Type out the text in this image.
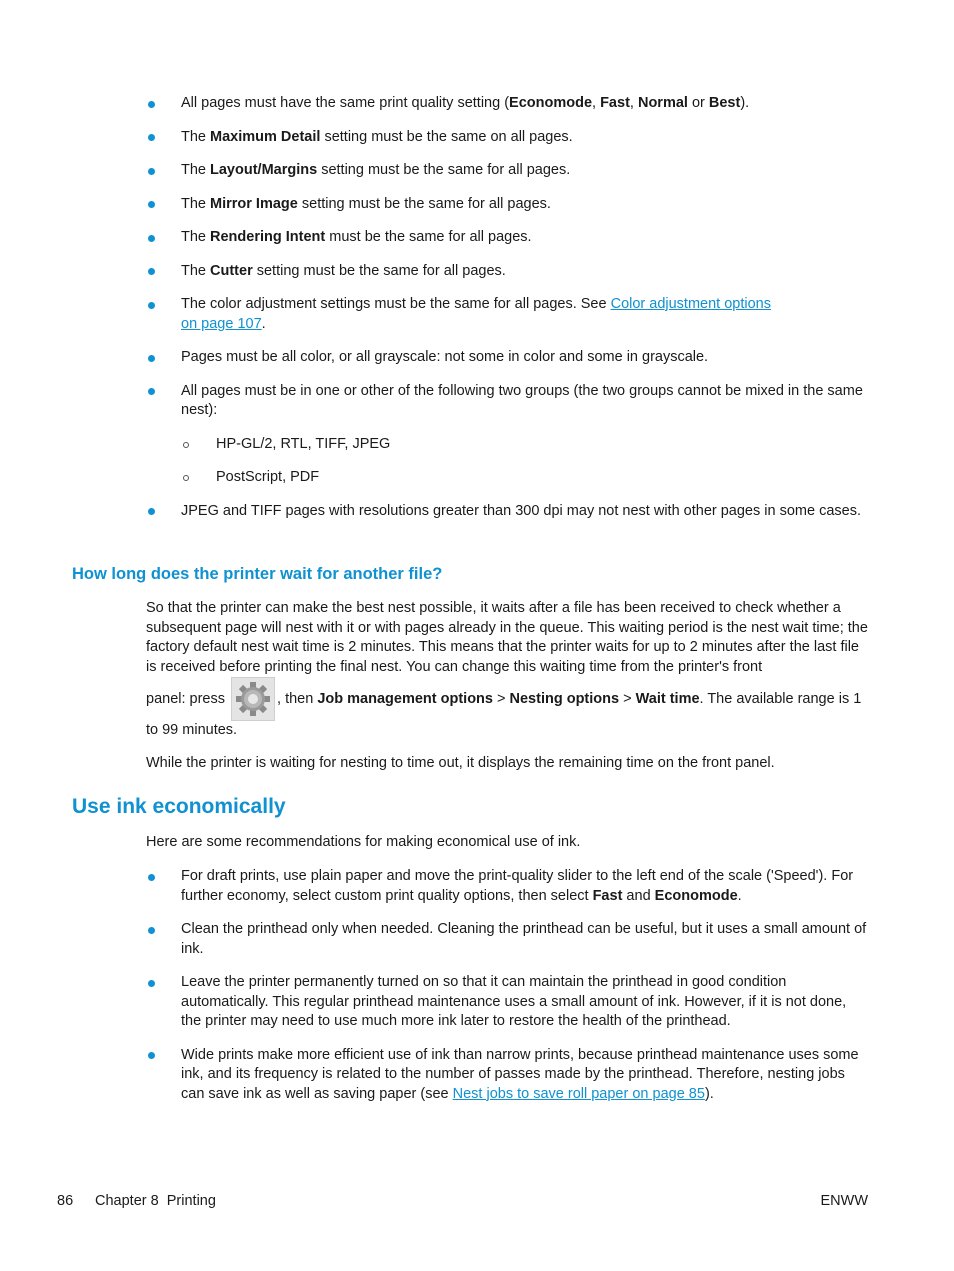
All pages must have the same print quality setting (Economode, Fast, Normal or Best).
The Maximum Detail setting must be the same on all pages.
The Layout/Margins setting must be the same for all pages.
The Mirror Image setting must be the same for all pages.
The Rendering Intent must be the same for all pages.
The Cutter setting must be the same for all pages.
The color adjustment settings must be the same for all pages. See Color adjustment options
on page 107.
Pages must be all color, or all grayscale: not some in color and some in grayscale.
All pages must be in one or other of the following two groups (the two groups cannot be mixed in the same nest):
HP-GL/2, RTL, TIFF, JPEG
PostScript, PDF
JPEG and TIFF pages with resolutions greater than 300 dpi may not nest with other pages in some cases.
How long does the printer wait for another file?
So that the printer can make the best nest possible, it waits after a file has been received to check whether a subsequent page will nest with it or with pages already in the queue. This waiting period is the nest wait time; the factory default nest wait time is 2 minutes. This means that the printer waits for up to 2 minutes after the last file is received before printing the final nest. You can change this waiting time from the printer's front
panel: press	, then Job management options > Nesting options > Wait time. The available range is 1
to 99 minutes.
While the printer is waiting for nesting to time out, it displays the remaining time on the front panel.
Use ink economically
Here are some recommendations for making economical use of ink.
For draft prints, use plain paper and move the print-quality slider to the left end of the scale ('Speed'). For further economy, select custom print quality options, then select Fast and Economode.
Clean the printhead only when needed. Cleaning the printhead can be useful, but it uses a small amount of ink.
Leave the printer permanently turned on so that it can maintain the printhead in good condition automatically. This regular printhead maintenance uses a small amount of ink. However, if it is not done, the printer may need to use much more ink later to restore the health of the printhead.
Wide prints make more efficient use of ink than narrow prints, because printhead maintenance uses some ink, and its frequency is related to the number of passes made by the printhead. Therefore, nesting jobs can save ink as well as saving paper (see Nest jobs to save roll paper on page 85).
86 Chapter 8 Printing	ENWW
